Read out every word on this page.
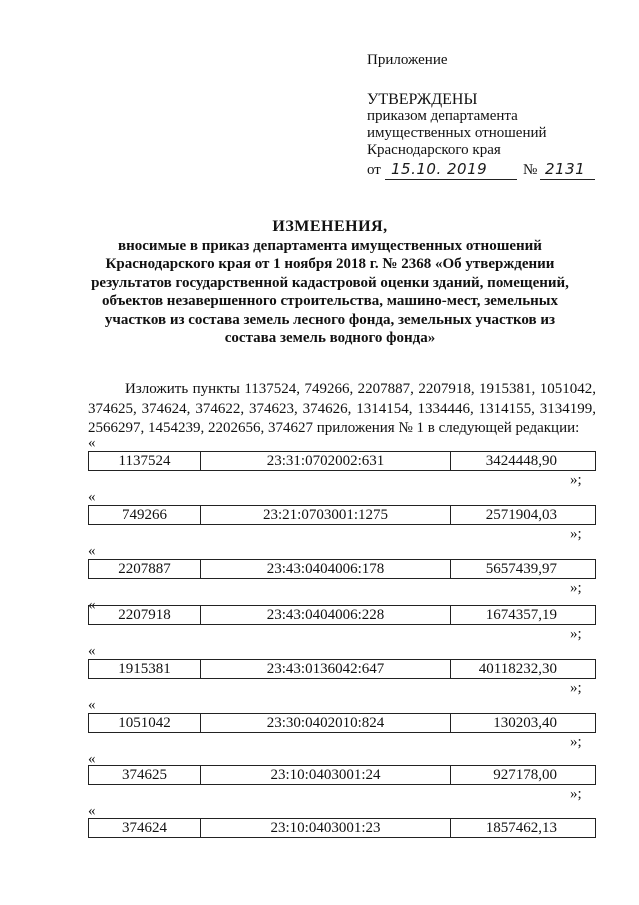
Приложение
УТВЕРЖДЕНЫ
приказом департамента
имущественных отношений
Краснодарского края
от 15.10. 2019 № 2131
ИЗМЕНЕНИЯ,
вносимые в приказ департамента имущественных отношений
Краснодарского края от 1 ноября 2018 г. № 2368 «Об утверждении
результатов государственной кадастровой оценки зданий, помещений,
объектов незавершенного строительства, машино-мест, земельных
участков из состава земель лесного фонда, земельных участков из
состава земель водного фонда»
Изложить пункты 1137524, 749266, 2207887, 2207918, 1915381, 1051042, 374625, 374624, 374622, 374623, 374626, 1314154, 1334446, 1314155, 3134199, 2566297, 1454239, 2202656, 374627 приложения № 1 в следующей редакции:
«
1137524	23:31:0702002:631	3424448,90
»;
«
749266	23:21:0703001:1275	2571904,03
»;
«
2207887	23:43:0404006:178	5657439,97
»;
«
2207918	23:43:0404006:228	1674357,19
»;
«
1915381	23:43:0136042:647	40118232,30
»;
«
1051042	23:30:0402010:824	130203,40
»;
«
374625	23:10:0403001:24	927178,00
»;
«
374624	23:10:0403001:23	1857462,13
